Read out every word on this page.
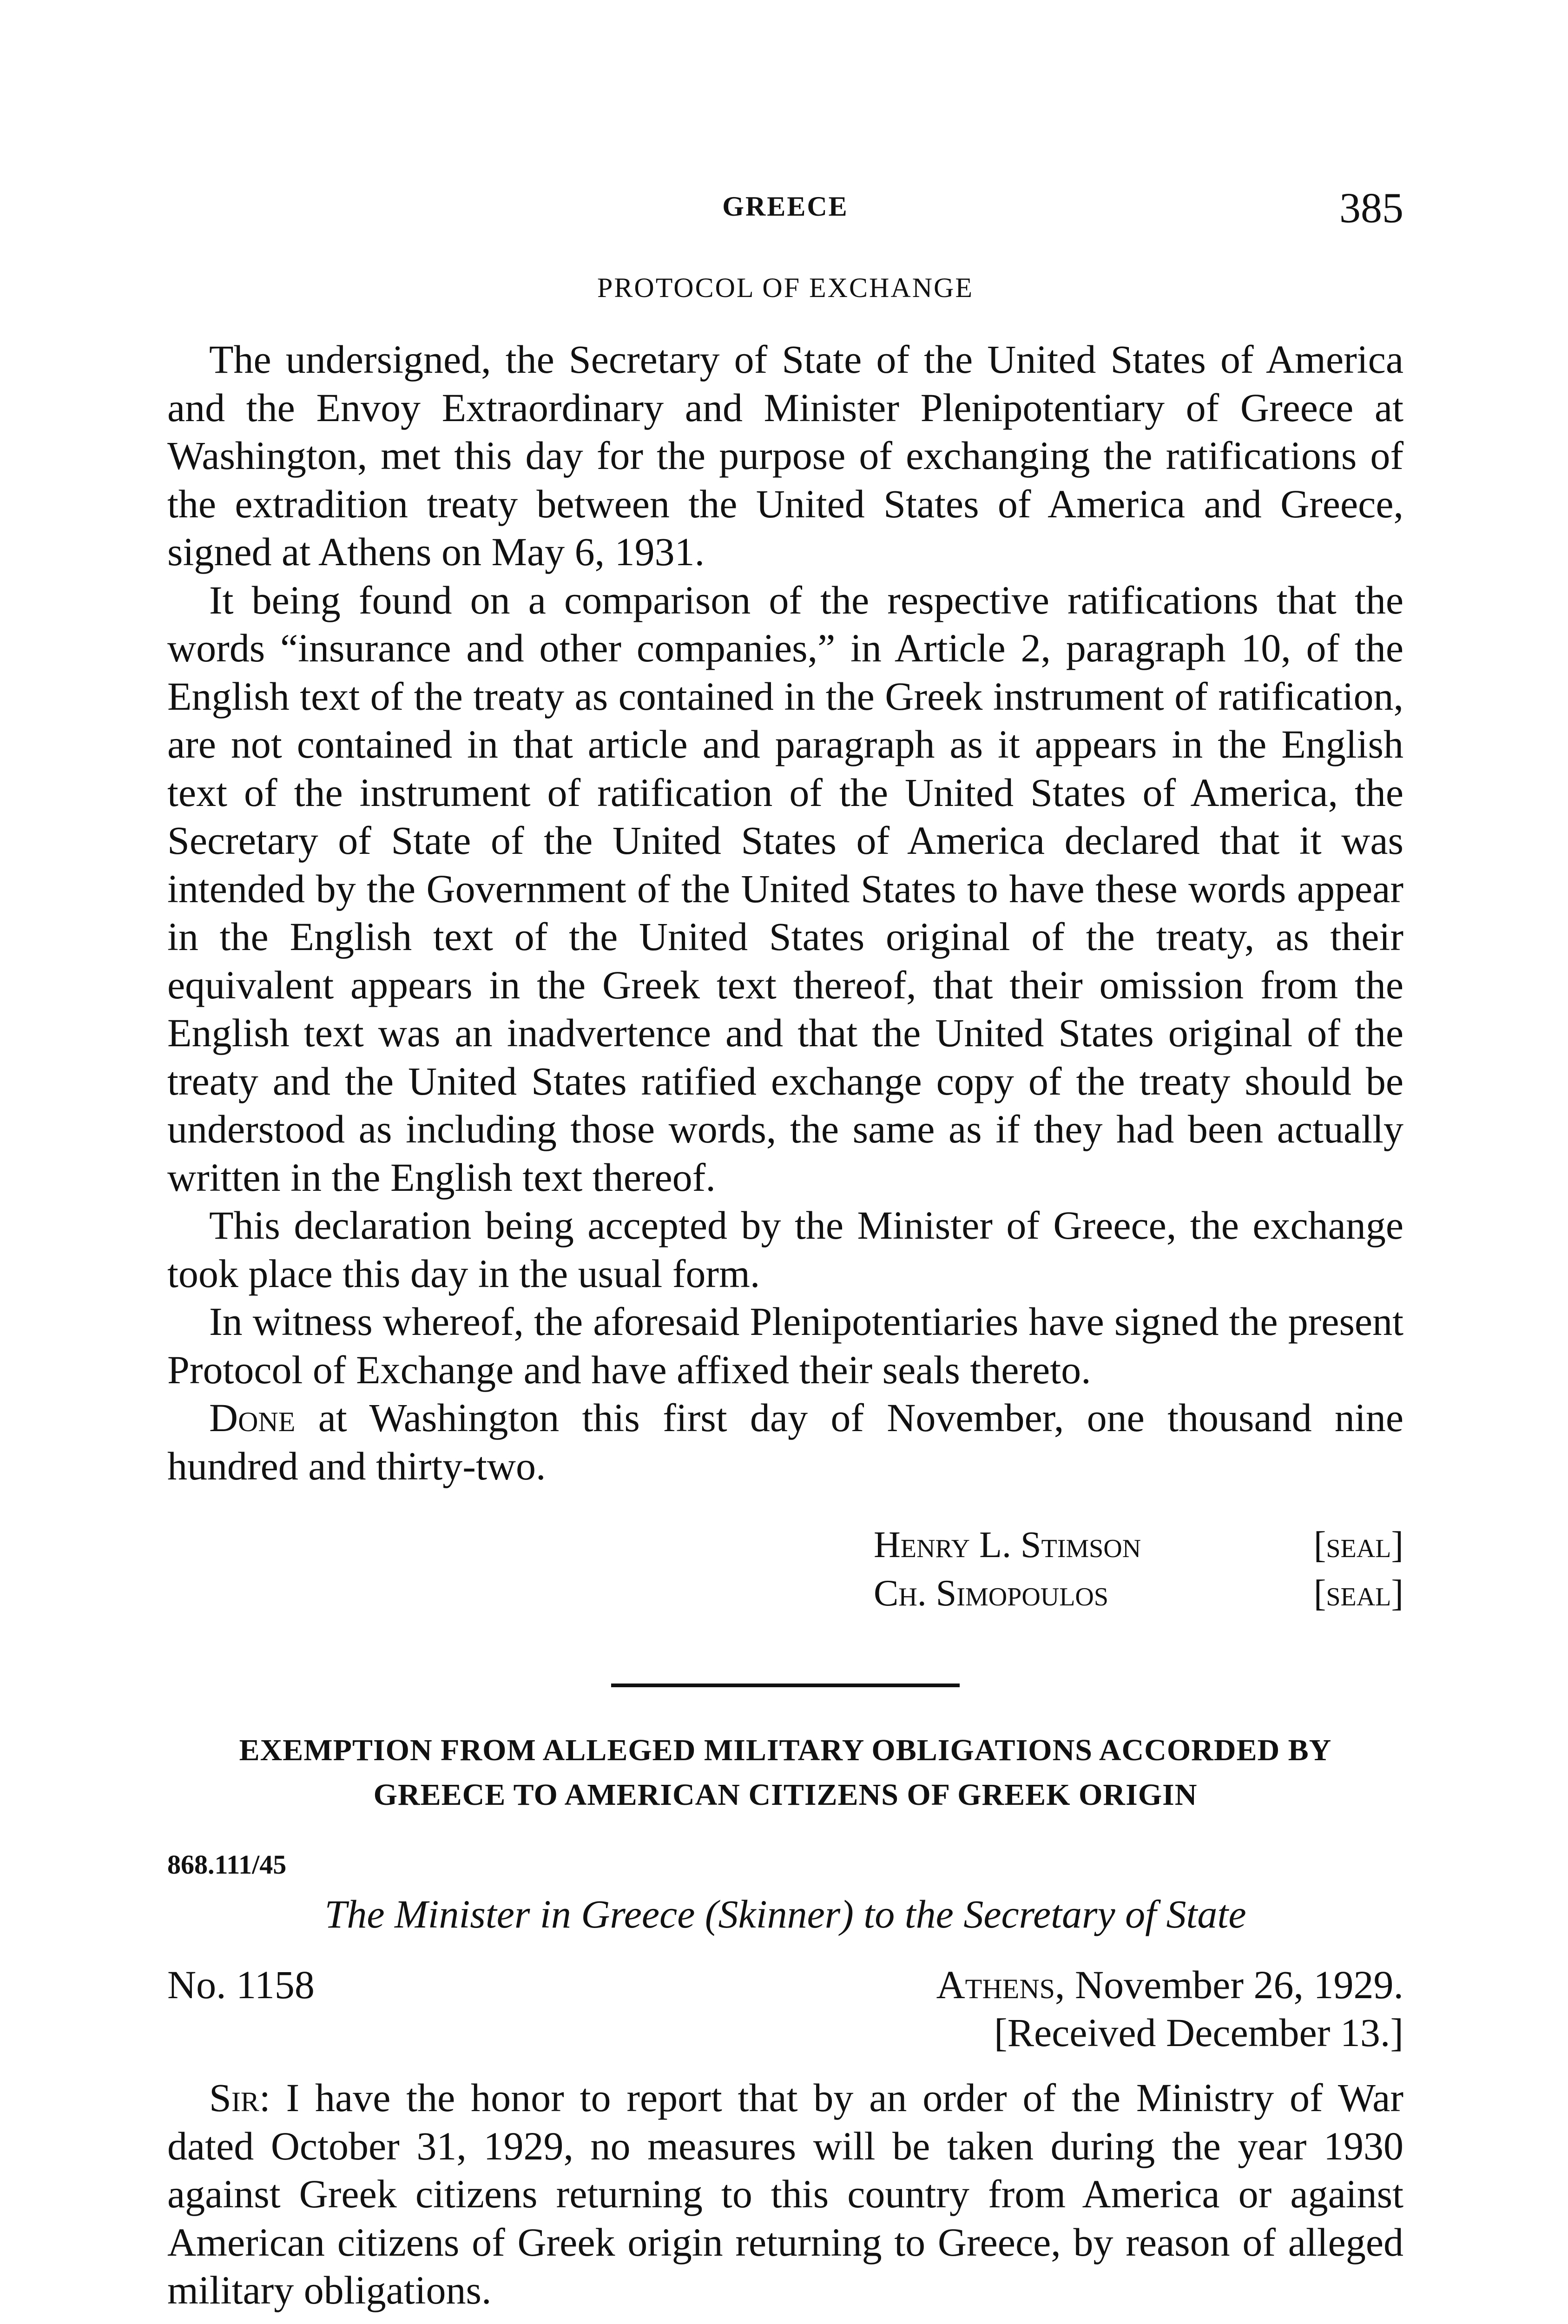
GREECE	385
PROTOCOL OF EXCHANGE

The undersigned, the Secretary of State of the United States of America and the Envoy Extraordinary and Minister Plenipotentiary of Greece at Washington, met this day for the purpose of exchanging the ratifications of the extradition treaty between the United States of America and Greece, signed at Athens on May 6, 1931.

It being found on a comparison of the respective ratifications that the words “insurance and other companies,” in Article 2, paragraph 10, of the English text of the treaty as contained in the Greek instrument of ratification, are not contained in that article and paragraph as it appears in the English text of the instrument of ratification of the United States of America, the Secretary of State of the United States of America declared that it was intended by the Government of the United States to have these words appear in the English text of the United States original of the treaty, as their equivalent appears in the Greek text thereof, that their omission from the English text was an inadvertence and that the United States original of the treaty and the United States ratified exchange copy of the treaty should be understood as including those words, the same as if they had been actually written in the English text thereof.

This declaration being accepted by the Minister of Greece, the exchange took place this day in the usual form.

In witness whereof, the aforesaid Plenipotentiaries have signed the present Protocol of Exchange and have affixed their seals thereto.

Done at Washington this first day of November, one thousand nine hundred and thirty-two.

Henry L. Stimson	[seal]
Ch. Simopoulos	[seal]
EXEMPTION FROM ALLEGED MILITARY OBLIGATIONS ACCORDED BY
GREECE TO AMERICAN CITIZENS OF GREEK ORIGIN
868.111/45
The Minister in Greece (Skinner) to the Secretary of State
No. 1158	Athens, November 26, 1929.
[Received December 13.]

Sir: I have the honor to report that by an order of the Ministry of War dated October 31, 1929, no measures will be taken during the year 1930 against Greek citizens returning to this country from America or against American citizens of Greek origin returning to Greece, by reason of alleged military obligations.
